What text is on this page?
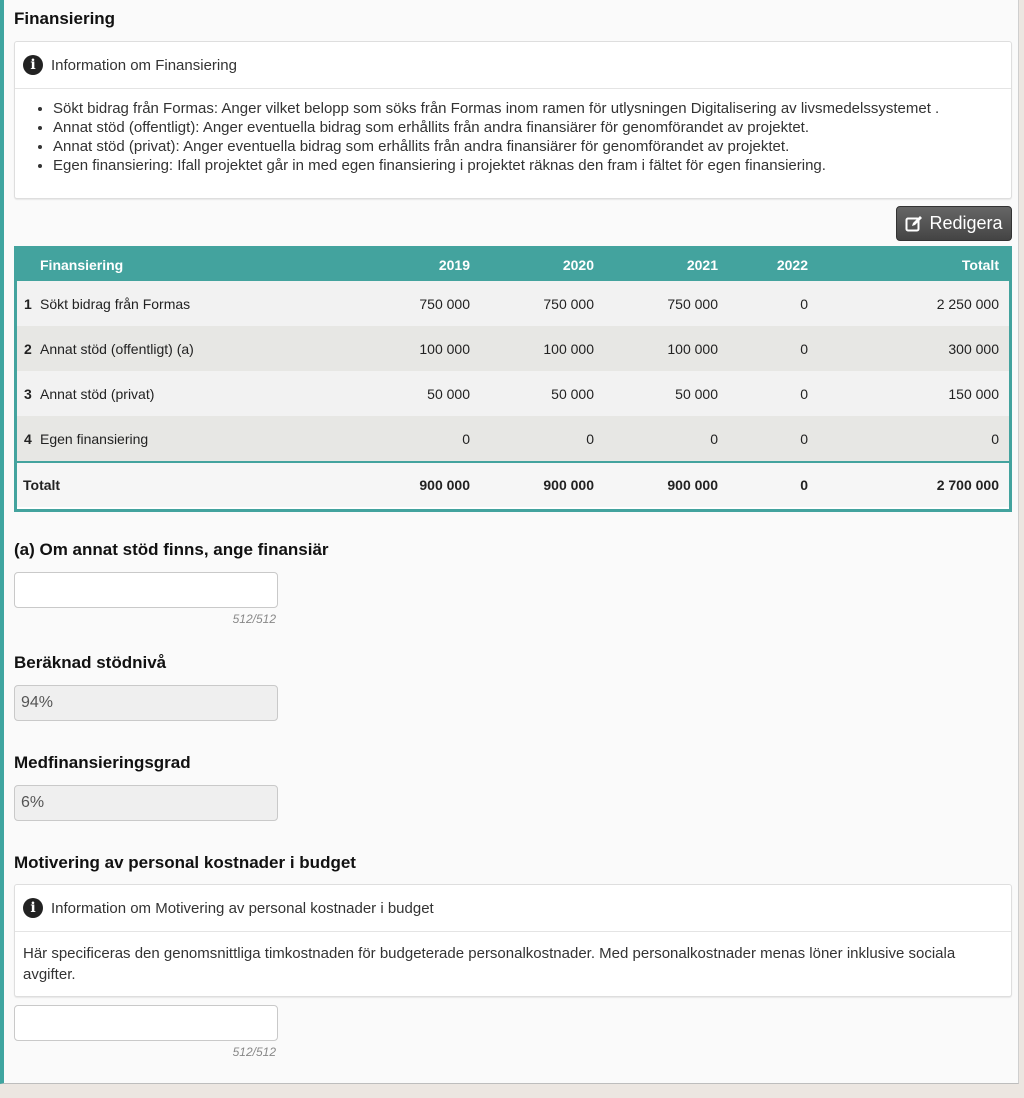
Finansiering
i	Information om Finansiering
• Sökt bidrag från Formas: Anger vilket belopp som söks från Formas inom ramen för utlysningen Digitalisering av livsmedelssystemet .
• Annat stöd (offentligt): Anger eventuella bidrag som erhållits från andra finansiärer för genomförandet av projektet.
• Annat stöd (privat): Anger eventuella bidrag som erhållits från andra finansiärer för genomförandet av projektet.
• Egen finansiering: Ifall projektet går in med egen finansiering i projektet räknas den fram i fältet för egen finansiering.
Redigera
Finansiering	2019	2020	2021	2022	Totalt
1 Sökt bidrag från Formas	750 000	750 000	750 000	0	2 250 000
2 Annat stöd (offentligt) (a)	100 000	100 000	100 000	0	300 000
3 Annat stöd (privat)	50 000	50 000	50 000	0	150 000
4 Egen finansiering	0	0	0	0	0
Totalt	900 000	900 000	900 000	0	2 700 000
(a) Om annat stöd finns, ange finansiär
512/512
Beräknad stödnivå
94%
Medfinansieringsgrad
6%
Motivering av personal kostnader i budget
i	Information om Motivering av personal kostnader i budget
Här specificeras den genomsnittliga timkostnaden för budgeterade personalkostnader. Med personalkostnader menas löner inklusive sociala avgifter.
512/512
